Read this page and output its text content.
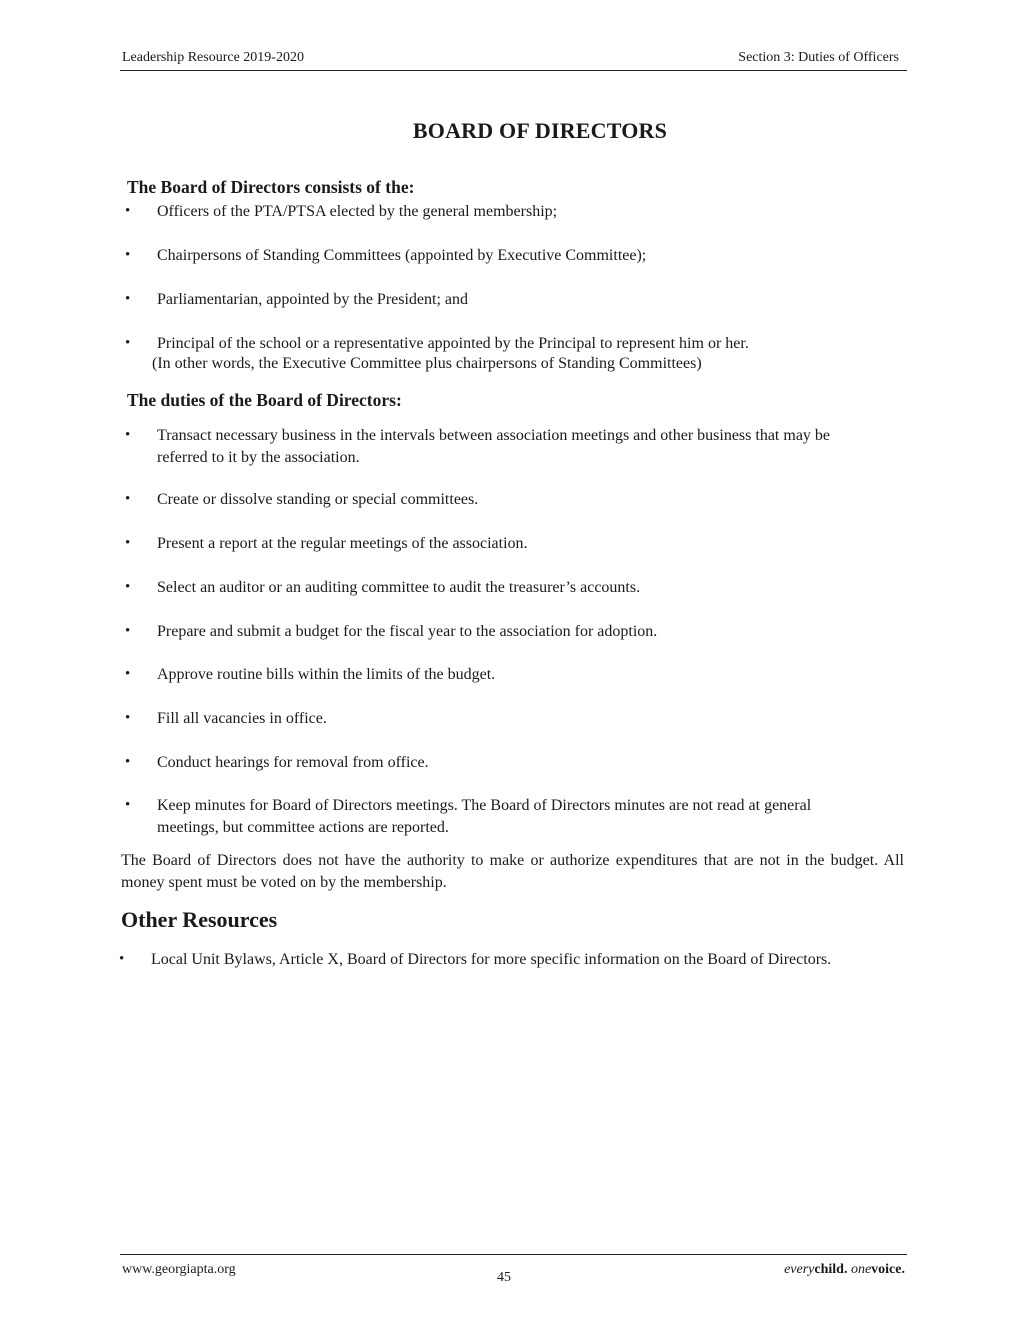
Leadership Resource 2019-2020	Section 3: Duties of Officers
BOARD OF DIRECTORS
The Board of Directors consists of the:
• Officers of the PTA/PTSA elected by the general membership;
• Chairpersons of Standing Committees (appointed by Executive Committee);
• Parliamentarian, appointed by the President; and
• Principal of the school or a representative appointed by the Principal to represent him or her.
(In other words, the Executive Committee plus chairpersons of Standing Committees)
The duties of the Board of Directors:
• Transact necessary business in the intervals between association meetings and other business that may be referred to it by the association.
• Create or dissolve standing or special committees.
• Present a report at the regular meetings of the association.
• Select an auditor or an auditing committee to audit the treasurer’s accounts.
• Prepare and submit a budget for the fiscal year to the association for adoption.
• Approve routine bills within the limits of the budget.
• Fill all vacancies in office.
• Conduct hearings for removal from office.
• Keep minutes for Board of Directors meetings. The Board of Directors minutes are not read at general meetings, but committee actions are reported.
The Board of Directors does not have the authority to make or authorize expenditures that are not in the budget. All money spent must be voted on by the membership.
Other Resources
• Local Unit Bylaws, Article X, Board of Directors for more specific information on the Board of Directors.
www.georgiapta.org
45
everychild. onevoice.
